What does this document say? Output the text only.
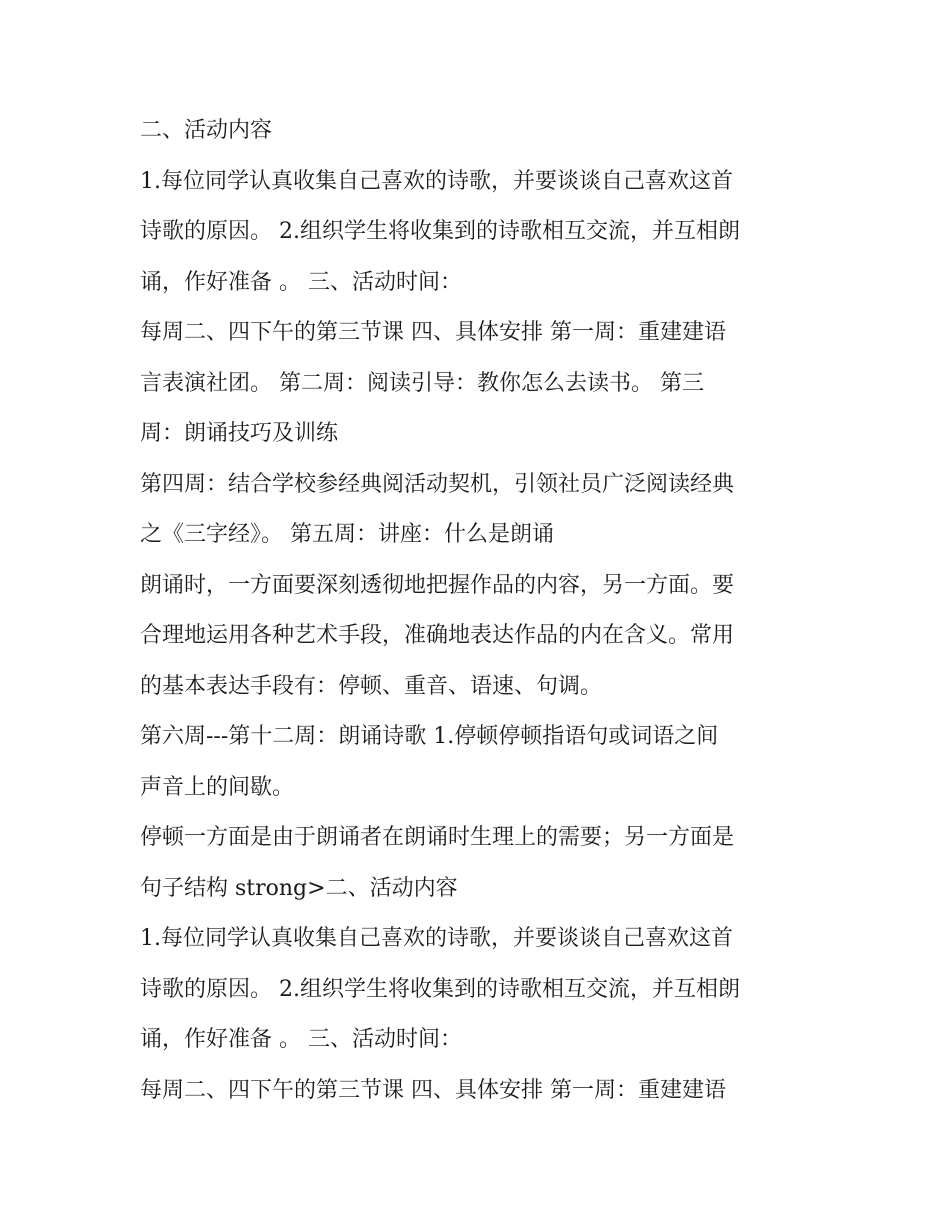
二、活动内容
1.每位同学认真收集自己喜欢的诗歌，并要谈谈自己喜欢这首
诗歌的原因。 2.组织学生将收集到的诗歌相互交流，并互相朗
诵，作好准备 。 三、活动时间：
每周二、四下午的第三节课 四、具体安排 第一周：重建建语
言表演社团。 第二周：阅读引导：教你怎么去读书。 第三
周：朗诵技巧及训练
第四周：结合学校参经典阅活动契机，引领社员广泛阅读经典
之《三字经》。 第五周：讲座：什么是朗诵
朗诵时，一方面要深刻透彻地把握作品的内容，另一方面。要
合理地运用各种艺术手段，准确地表达作品的内在含义。常用
的基本表达手段有：停顿、重音、语速、句调。
第六周---第十二周：朗诵诗歌 1.停顿停顿指语句或词语之间
声音上的间歇。
停顿一方面是由于朗诵者在朗诵时生理上的需要；另一方面是
句子结构 strong>二、活动内容
1.每位同学认真收集自己喜欢的诗歌，并要谈谈自己喜欢这首
诗歌的原因。 2.组织学生将收集到的诗歌相互交流，并互相朗
诵，作好准备 。 三、活动时间：
每周二、四下午的第三节课 四、具体安排 第一周：重建建语
